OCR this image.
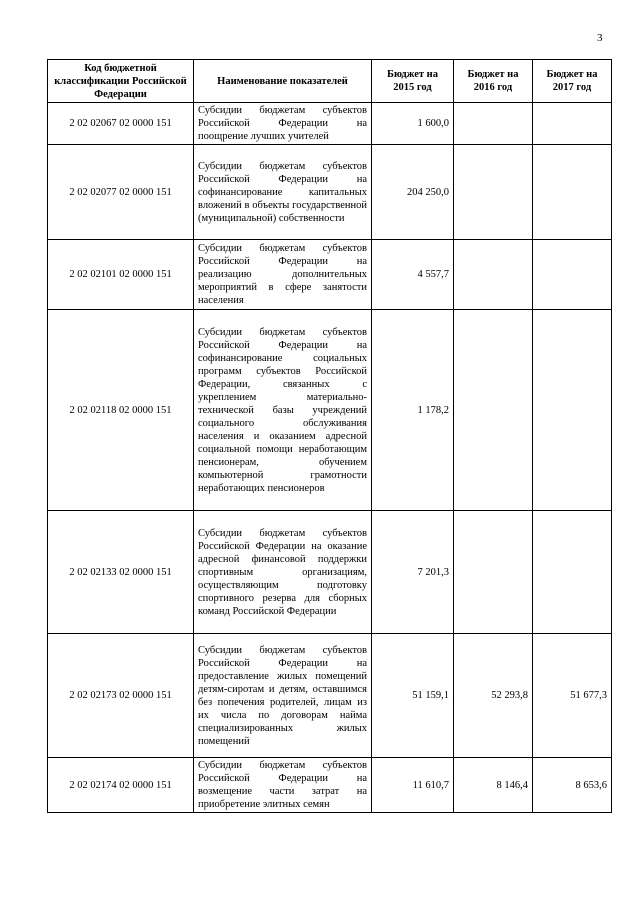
3
Код бюджетной классификации Российской Федерации	Наименование показателей	Бюджет на 2015 год	Бюджет на 2016 год	Бюджет на 2017 год
2 02 02067 02 0000 151	Субсидии бюджетам субъектов Российской Федерации на поощрение лучших учителей	1 600,0		
2 02 02077 02 0000 151	Субсидии бюджетам субъектов Российской Федерации на софинансирование капитальных вложений в объекты государственной (муниципальной) собственности	204 250,0		
2 02 02101 02 0000 151	Субсидии бюджетам субъектов Российской Федерации на реализацию дополнительных мероприятий в сфере занятости населения	4 557,7		
2 02 02118 02 0000 151	Субсидии бюджетам субъектов Российской Федерации на софинансирование социальных программ субъектов Российской Федерации, связанных с укреплением материально-технической базы учреждений социального обслуживания населения и оказанием адресной социальной помощи неработающим пенсионерам, обучением компьютерной грамотности неработающих пенсионеров	1 178,2		
2 02 02133 02 0000 151	Субсидии бюджетам субъектов Российской Федерации на оказание адресной финансовой поддержки спортивным организациям, осуществляющим подготовку спортивного резерва для сборных команд Российской Федерации	7 201,3		
2 02 02173 02 0000 151	Субсидии бюджетам субъектов Российской Федерации на предоставление жилых помещений детям-сиротам и детям, оставшимся без попечения родителей, лицам из их числа по договорам найма специализированных жилых помещений	51 159,1	52 293,8	51 677,3
2 02 02174 02 0000 151	Субсидии бюджетам субъектов Российской Федерации на возмещение части затрат на приобретение элитных семян	11 610,7	8 146,4	8 653,6
